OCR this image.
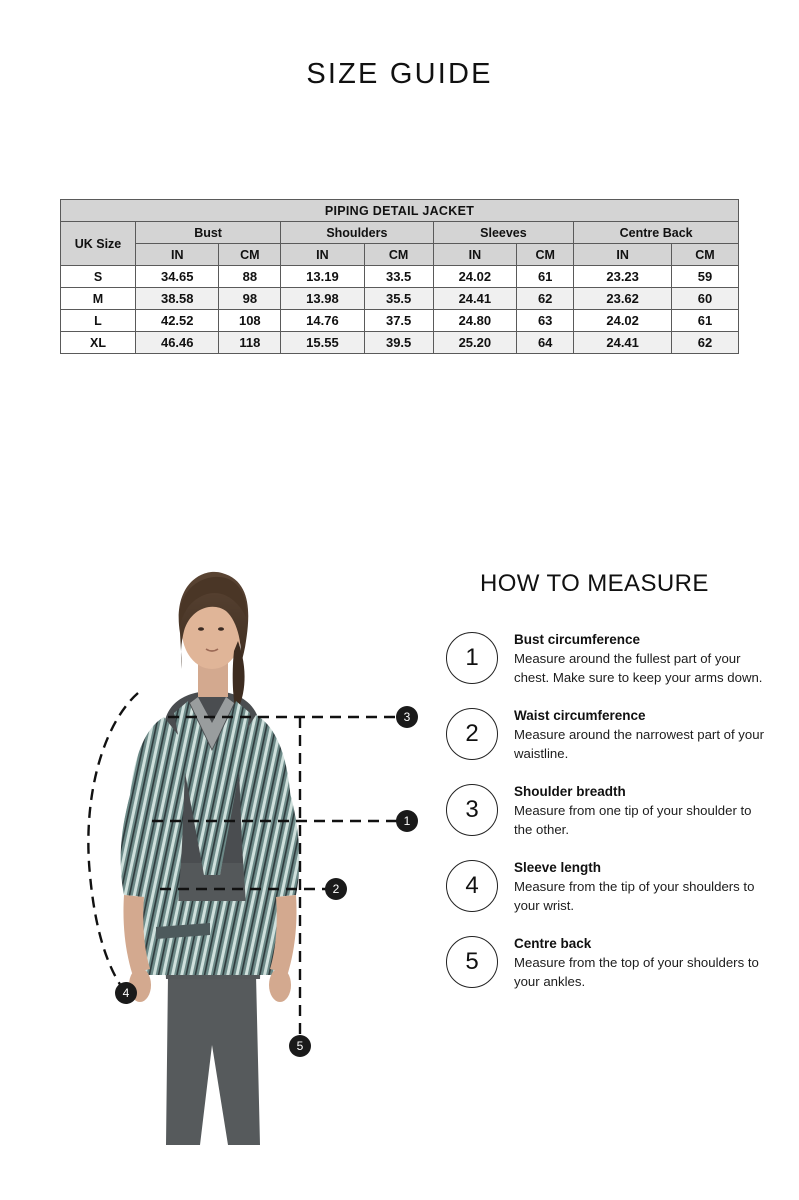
SIZE GUIDE
PIPING DETAIL JACKET								
UK Size	Bust		Shoulders		Sleeves		Centre Back	
	IN	CM	IN	CM	IN	CM	IN	CM
S	34.65	88	13.19	33.5	24.02	61	23.23	59
M	38.58	98	13.98	35.5	24.41	62	23.62	60
L	42.52	108	14.76	37.5	24.80	63	24.02	61
XL	46.46	118	15.55	39.5	25.20	64	24.41	62
3
1
2
4
5
HOW TO MEASURE
1
Bust circumference
Measure around the fullest part of your chest. Make sure to keep your arms down.
2
Waist circumference
Measure around the narrowest part of your waistline.
3
Shoulder breadth
Measure from one tip of your shoulder to the other.
4
Sleeve length
Measure from the tip of your shoulders to your wrist.
5
Centre back
Measure from the top of your shoulders to your ankles.
